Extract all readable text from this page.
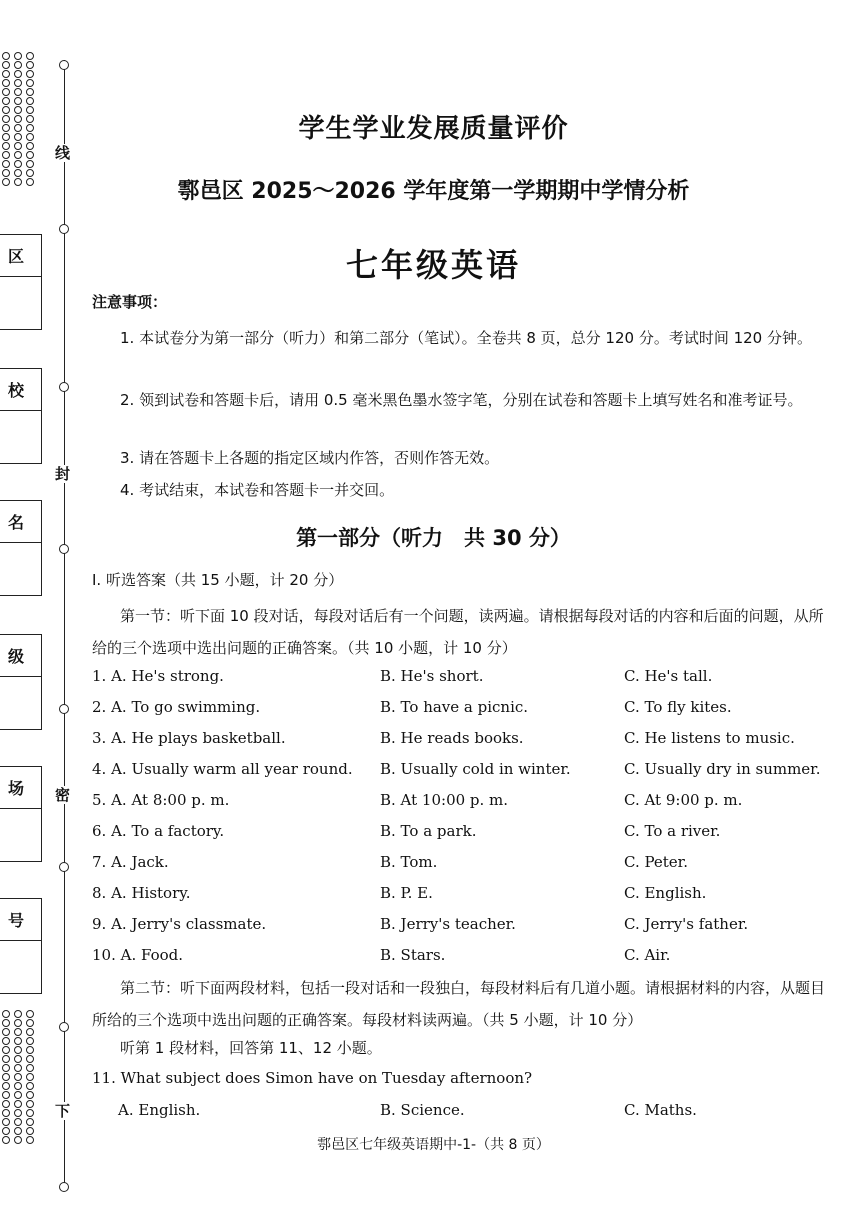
线
封
密
下
区
校
名
级
场
号
学生学业发展质量评价
鄠邑区 2025～2026 学年度第一学期期中学情分析
七年级英语
注意事项：
1. 本试卷分为第一部分（听力）和第二部分（笔试）。全卷共 8 页，总分 120 分。考试时间 120 分钟。
2. 领到试卷和答题卡后，请用 0.5 毫米黑色墨水签字笔，分别在试卷和答题卡上填写姓名和准考证号。
3. 请在答题卡上各题的指定区域内作答，否则作答无效。
4. 考试结束，本试卷和答题卡一并交回。
第一部分（听力　共 30 分）
Ⅰ. 听选答案（共 15 小题，计 20 分）
第一节：听下面 10 段对话，每段对话后有一个问题，读两遍。请根据每段对话的内容和后面的问题，从所给的三个选项中选出问题的正确答案。（共 10 小题，计 10 分）
1. A. He's strong.	B. He's short.	C. He's tall.
2. A. To go swimming.	B. To have a picnic.	C. To fly kites.
3. A. He plays basketball.	B. He reads books.	C. He listens to music.
4. A. Usually warm all year round. B. Usually cold in winter.	C. Usually dry in summer.
5. A. At 8:00 p. m.	B. At 10:00 p. m.	C. At 9:00 p. m.
6. A. To a factory.	B. To a park.	C. To a river.
7. A. Jack.	B. Tom.	C. Peter.
8. A. History.	B. P. E.	C. English.
9. A. Jerry's classmate.	B. Jerry's teacher.	C. Jerry's father.
10. A. Food.	B. Stars.	C. Air.
第二节：听下面两段材料，包括一段对话和一段独白，每段材料后有几道小题。请根据材料的内容，从题目所给的三个选项中选出问题的正确答案。每段材料读两遍。（共 5 小题，计 10 分）
听第 1 段材料，回答第 11、12 小题。
11. What subject does Simon have on Tuesday afternoon?
A. English.	B. Science.	C. Maths.
鄠邑区七年级英语期中-1-（共 8 页）
